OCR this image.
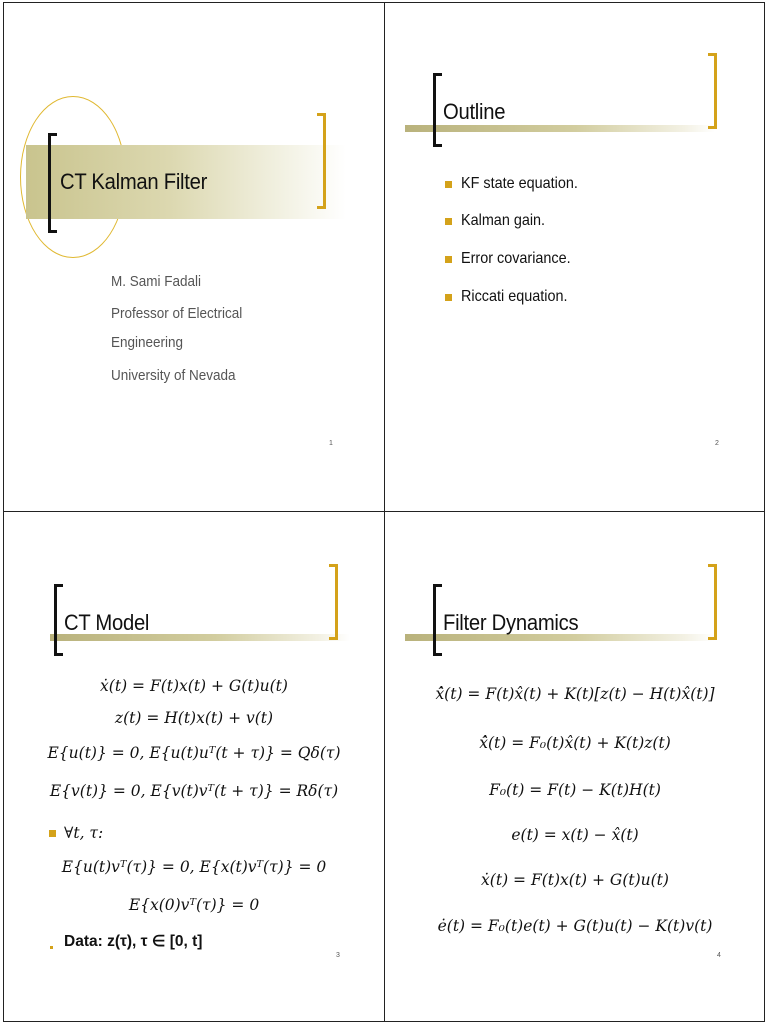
CT Kalman Filter
M. Sami Fadali
Professor of Electrical
Engineering
University of Nevada
1
Outline
KF state equation.
Kalman gain.
Error covariance.
Riccati equation.
2
CT Model
ẋ(t) = F(t)x(t) + G(t)u(t)
z(t) = H(t)x(t) + v(t)
E{u(t)} = 0, E{u(t)uᵀ(t + τ)} = Qδ(τ)
E{v(t)} = 0, E{v(t)vᵀ(t + τ)} = Rδ(τ)
∀t, τ:
E{u(t)vᵀ(τ)} = 0, E{x(t)vᵀ(τ)} = 0
E{x(0)vᵀ(τ)} = 0
Data: z(τ), τ ∈ [0, t]
3
Filter Dynamics
x̂̇(t) = F(t)x̂(t) + K(t)[z(t) − H(t)x̂(t)]
x̂̇(t) = F₀(t)x̂(t) + K(t)z(t)
F₀(t) = F(t) − K(t)H(t)
e(t) = x(t) − x̂(t)
ẋ(t) = F(t)x(t) + G(t)u(t)
ė(t) = F₀(t)e(t) + G(t)u(t) − K(t)v(t)
4
